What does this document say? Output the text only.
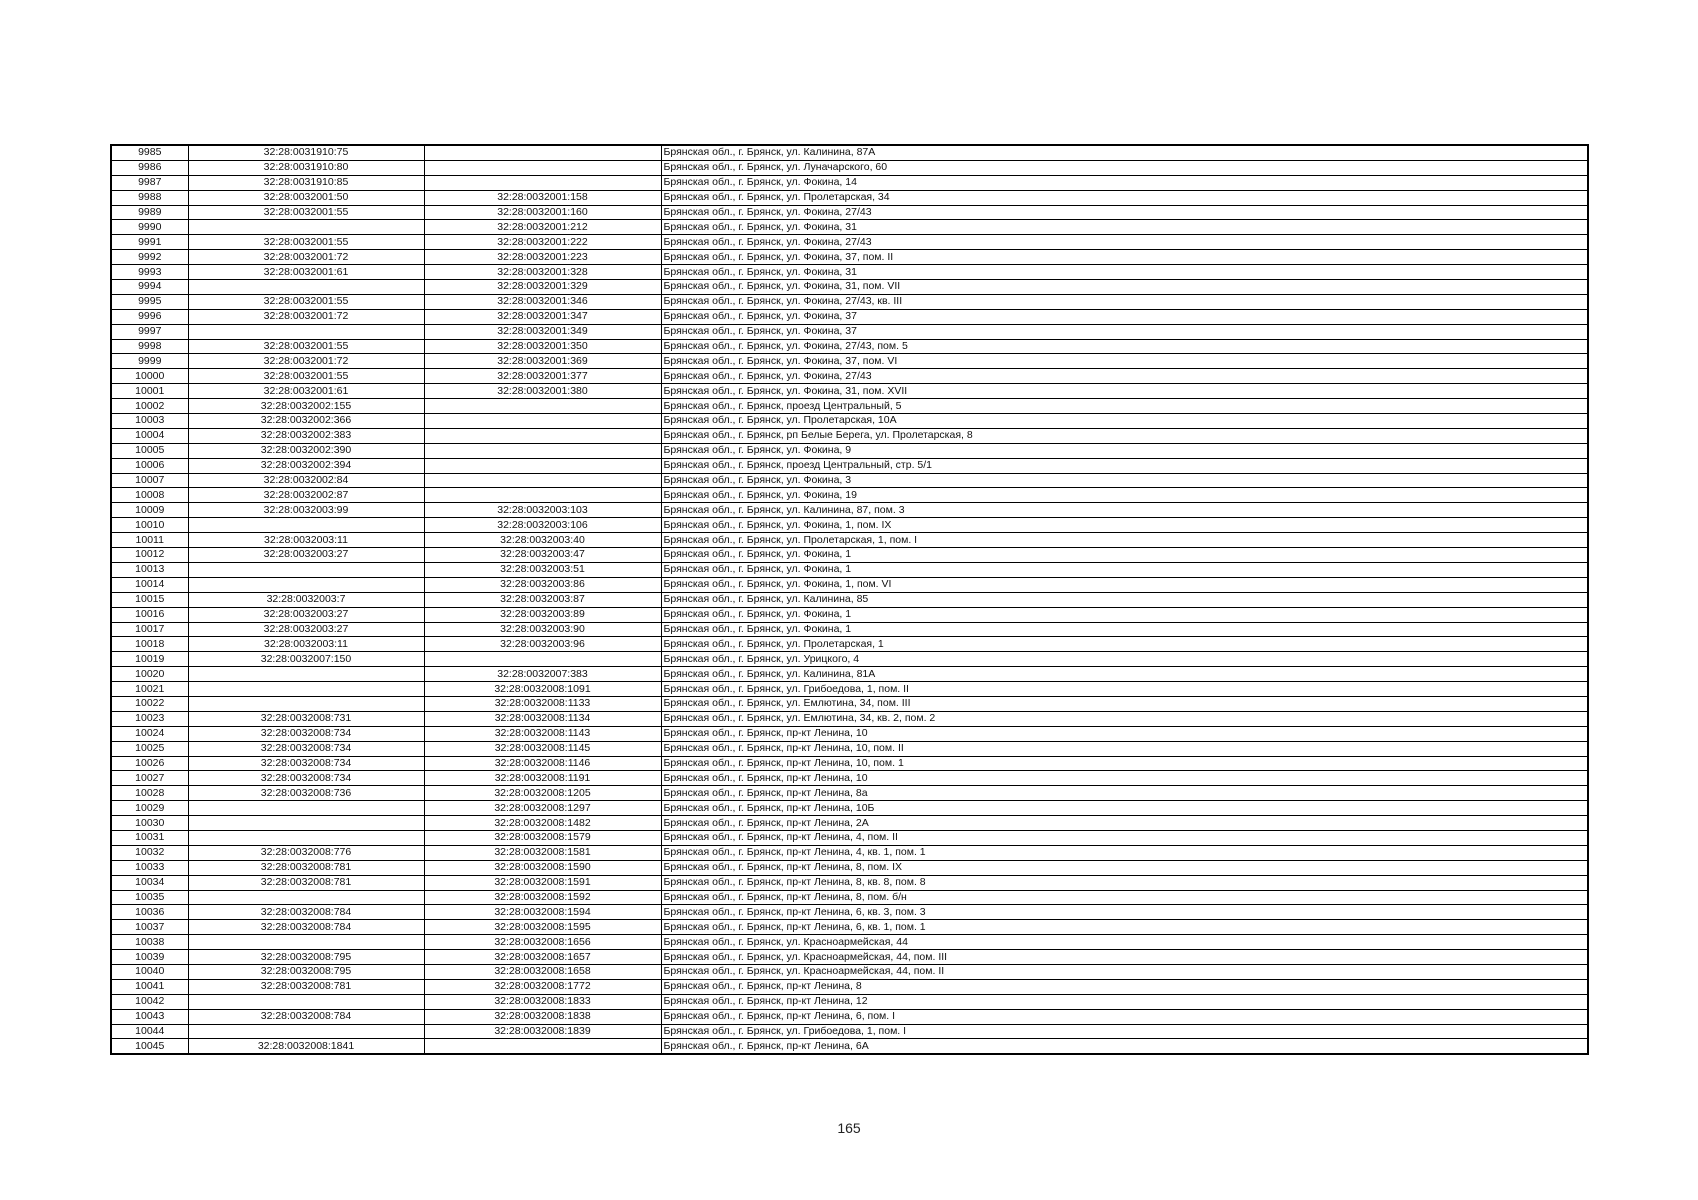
9985	32:28:0031910:75		Брянская обл., г. Брянск, ул. Калинина, 87А
9986	32:28:0031910:80		Брянская обл., г. Брянск, ул. Луначарского, 60
9987	32:28:0031910:85		Брянская обл., г. Брянск, ул. Фокина, 14
9988	32:28:0032001:50	32:28:0032001:158	Брянская обл., г. Брянск, ул. Пролетарская, 34
9989	32:28:0032001:55	32:28:0032001:160	Брянская обл., г. Брянск, ул. Фокина, 27/43
9990		32:28:0032001:212	Брянская обл., г. Брянск, ул. Фокина, 31
9991	32:28:0032001:55	32:28:0032001:222	Брянская обл., г. Брянск, ул. Фокина, 27/43
9992	32:28:0032001:72	32:28:0032001:223	Брянская обл., г. Брянск, ул. Фокина, 37, пом. II
9993	32:28:0032001:61	32:28:0032001:328	Брянская обл., г. Брянск, ул. Фокина, 31
9994		32:28:0032001:329	Брянская обл., г. Брянск, ул. Фокина, 31, пом. VII
9995	32:28:0032001:55	32:28:0032001:346	Брянская обл., г. Брянск, ул. Фокина, 27/43, кв. III
9996	32:28:0032001:72	32:28:0032001:347	Брянская обл., г. Брянск, ул. Фокина, 37
9997		32:28:0032001:349	Брянская обл., г. Брянск, ул. Фокина, 37
9998	32:28:0032001:55	32:28:0032001:350	Брянская обл., г. Брянск, ул. Фокина, 27/43, пом. 5
9999	32:28:0032001:72	32:28:0032001:369	Брянская обл., г. Брянск, ул. Фокина, 37, пом. VI
10000	32:28:0032001:55	32:28:0032001:377	Брянская обл., г. Брянск, ул. Фокина, 27/43
10001	32:28:0032001:61	32:28:0032001:380	Брянская обл., г. Брянск, ул. Фокина, 31, пом. XVII
10002	32:28:0032002:155		Брянская обл., г. Брянск, проезд Центральный, 5
10003	32:28:0032002:366		Брянская обл., г. Брянск, ул. Пролетарская, 10А
10004	32:28:0032002:383		Брянская обл., г. Брянск, рп Белые Берега, ул. Пролетарская, 8
10005	32:28:0032002:390		Брянская обл., г. Брянск, ул. Фокина, 9
10006	32:28:0032002:394		Брянская обл., г. Брянск, проезд Центральный, стр. 5/1
10007	32:28:0032002:84		Брянская обл., г. Брянск, ул. Фокина, 3
10008	32:28:0032002:87		Брянская обл., г. Брянск, ул. Фокина, 19
10009	32:28:0032003:99	32:28:0032003:103	Брянская обл., г. Брянск, ул. Калинина, 87, пом. 3
10010		32:28:0032003:106	Брянская обл., г. Брянск, ул. Фокина, 1, пом. IX
10011	32:28:0032003:11	32:28:0032003:40	Брянская обл., г. Брянск, ул. Пролетарская, 1, пом. I
10012	32:28:0032003:27	32:28:0032003:47	Брянская обл., г. Брянск, ул. Фокина, 1
10013		32:28:0032003:51	Брянская обл., г. Брянск, ул. Фокина, 1
10014		32:28:0032003:86	Брянская обл., г. Брянск, ул. Фокина, 1, пом. VI
10015	32:28:0032003:7	32:28:0032003:87	Брянская обл., г. Брянск, ул. Калинина, 85
10016	32:28:0032003:27	32:28:0032003:89	Брянская обл., г. Брянск, ул. Фокина, 1
10017	32:28:0032003:27	32:28:0032003:90	Брянская обл., г. Брянск, ул. Фокина, 1
10018	32:28:0032003:11	32:28:0032003:96	Брянская обл., г. Брянск, ул. Пролетарская, 1
10019	32:28:0032007:150		Брянская обл., г. Брянск, ул. Урицкого, 4
10020		32:28:0032007:383	Брянская обл., г. Брянск, ул. Калинина, 81А
10021		32:28:0032008:1091	Брянская обл., г. Брянск, ул. Грибоедова, 1, пом. II
10022		32:28:0032008:1133	Брянская обл., г. Брянск, ул. Емлютина, 34, пом. III
10023	32:28:0032008:731	32:28:0032008:1134	Брянская обл., г. Брянск, ул. Емлютина, 34, кв. 2, пом. 2
10024	32:28:0032008:734	32:28:0032008:1143	Брянская обл., г. Брянск, пр-кт Ленина, 10
10025	32:28:0032008:734	32:28:0032008:1145	Брянская обл., г. Брянск, пр-кт Ленина, 10, пом. II
10026	32:28:0032008:734	32:28:0032008:1146	Брянская обл., г. Брянск, пр-кт Ленина, 10, пом. 1
10027	32:28:0032008:734	32:28:0032008:1191	Брянская обл., г. Брянск, пр-кт Ленина, 10
10028	32:28:0032008:736	32:28:0032008:1205	Брянская обл., г. Брянск, пр-кт Ленина, 8а
10029		32:28:0032008:1297	Брянская обл., г. Брянск, пр-кт Ленина, 10Б
10030		32:28:0032008:1482	Брянская обл., г. Брянск, пр-кт Ленина, 2А
10031		32:28:0032008:1579	Брянская обл., г. Брянск, пр-кт Ленина, 4, пом. II
10032	32:28:0032008:776	32:28:0032008:1581	Брянская обл., г. Брянск, пр-кт Ленина, 4, кв. 1, пом. 1
10033	32:28:0032008:781	32:28:0032008:1590	Брянская обл., г. Брянск, пр-кт Ленина, 8, пом. IX
10034	32:28:0032008:781	32:28:0032008:1591	Брянская обл., г. Брянск, пр-кт Ленина, 8, кв. 8, пом. 8
10035		32:28:0032008:1592	Брянская обл., г. Брянск, пр-кт Ленина, 8, пом. б/н
10036	32:28:0032008:784	32:28:0032008:1594	Брянская обл., г. Брянск, пр-кт Ленина, 6, кв. 3, пом. 3
10037	32:28:0032008:784	32:28:0032008:1595	Брянская обл., г. Брянск, пр-кт Ленина, 6, кв. 1, пом. 1
10038		32:28:0032008:1656	Брянская обл., г. Брянск, ул. Красноармейская, 44
10039	32:28:0032008:795	32:28:0032008:1657	Брянская обл., г. Брянск, ул. Красноармейская, 44, пом. III
10040	32:28:0032008:795	32:28:0032008:1658	Брянская обл., г. Брянск, ул. Красноармейская, 44, пом. II
10041	32:28:0032008:781	32:28:0032008:1772	Брянская обл., г. Брянск, пр-кт Ленина, 8
10042		32:28:0032008:1833	Брянская обл., г. Брянск, пр-кт Ленина, 12
10043	32:28:0032008:784	32:28:0032008:1838	Брянская обл., г. Брянск, пр-кт Ленина, 6, пом. I
10044		32:28:0032008:1839	Брянская обл., г. Брянск, ул. Грибоедова, 1, пом. I
10045	32:28:0032008:1841		Брянская обл., г. Брянск, пр-кт Ленина, 6А
165
